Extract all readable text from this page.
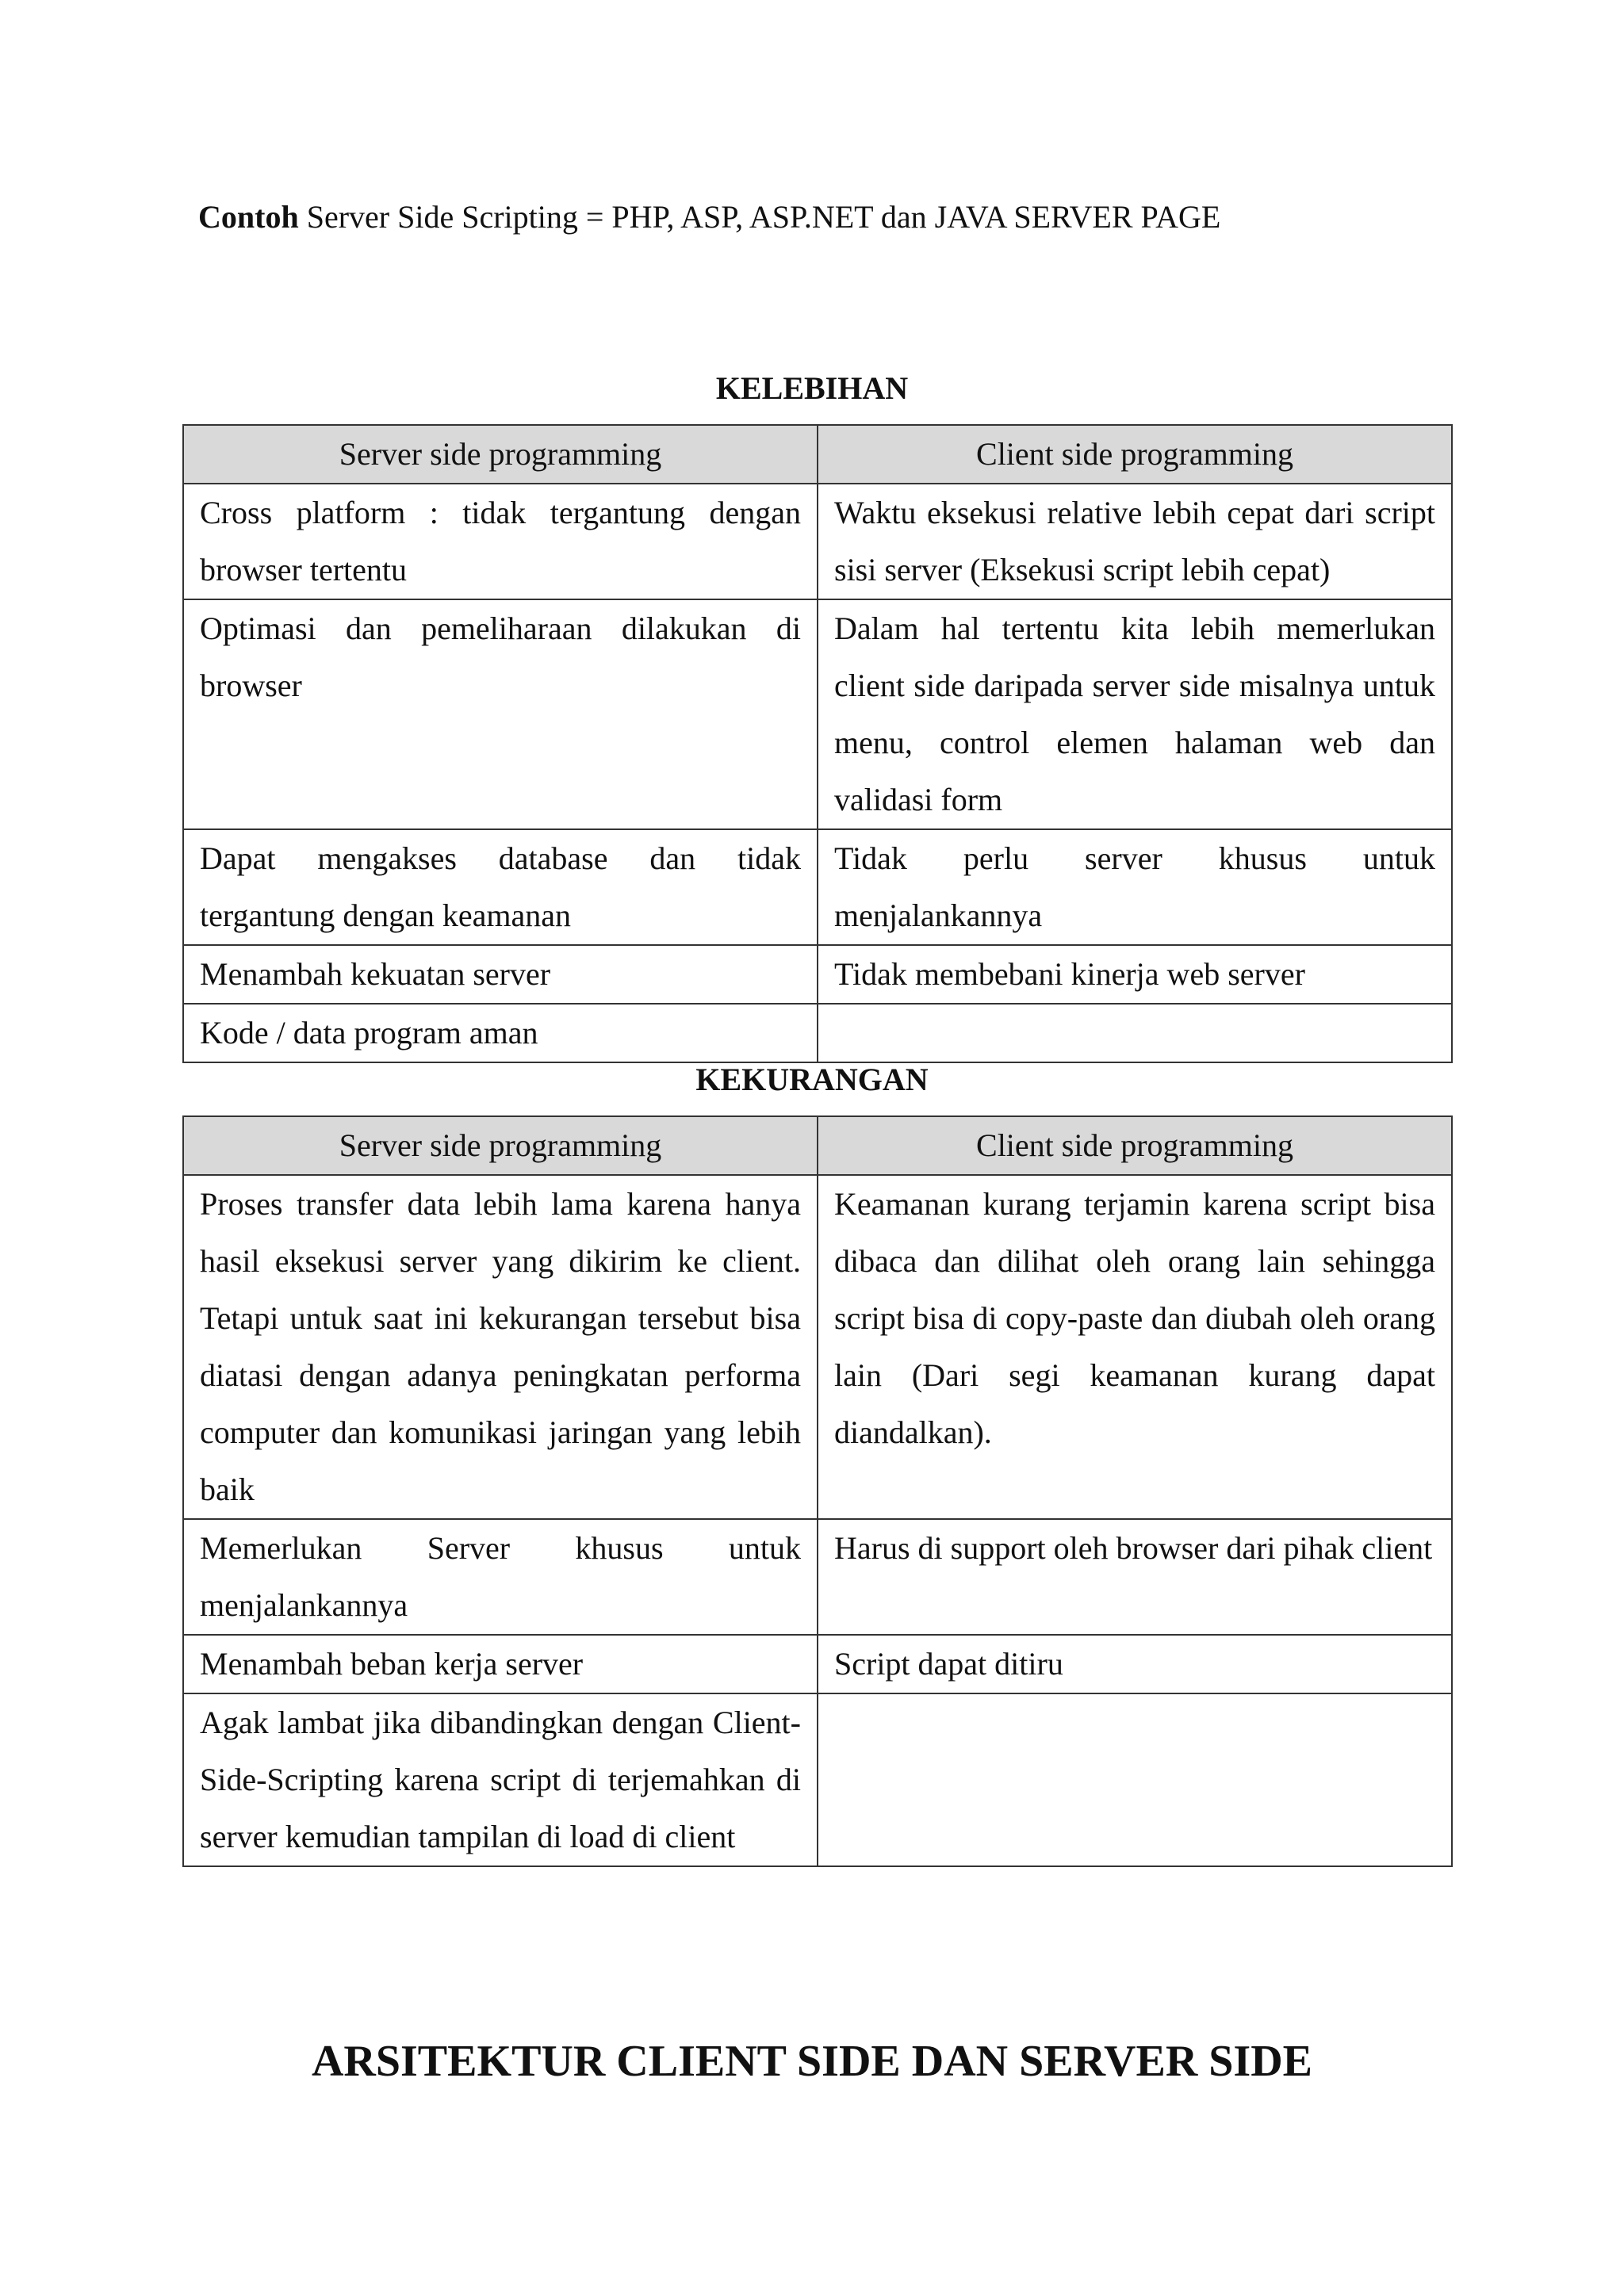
Contoh Server Side Scripting = PHP, ASP, ASP.NET dan JAVA SERVER PAGE

KELEBIHAN
Server side programming	Client side programming
Cross platform : tidak tergantung dengan browser tertentu	Waktu eksekusi relative lebih cepat dari script sisi server (Eksekusi script lebih cepat)
Optimasi dan pemeliharaan dilakukan di browser	Dalam hal tertentu kita lebih memerlukan client side daripada server side misalnya untuk menu, control elemen halaman web dan validasi form
Dapat mengakses database dan tidak tergantung dengan keamanan	Tidak perlu server khusus untuk menjalankannya
Menambah kekuatan server	Tidak membebani kinerja web server
Kode / data program aman	
KEKURANGAN
Server side programming	Client side programming
Proses transfer data lebih lama karena hanya hasil eksekusi server yang dikirim ke client. Tetapi untuk saat ini kekurangan tersebut bisa diatasi dengan adanya peningkatan performa computer dan komunikasi jaringan yang lebih baik	Keamanan kurang terjamin karena script bisa dibaca dan dilihat oleh orang lain sehingga script bisa di copy-paste dan diubah oleh orang lain (Dari segi keamanan kurang dapat diandalkan).
Memerlukan Server khusus untuk menjalankannya	Harus di support oleh browser dari pihak client
Menambah beban kerja server	Script dapat ditiru
Agak lambat jika dibandingkan dengan Client-Side-Scripting karena script di terjemahkan di server kemudian tampilan di load di client	
ARSITEKTUR CLIENT SIDE DAN SERVER SIDE
